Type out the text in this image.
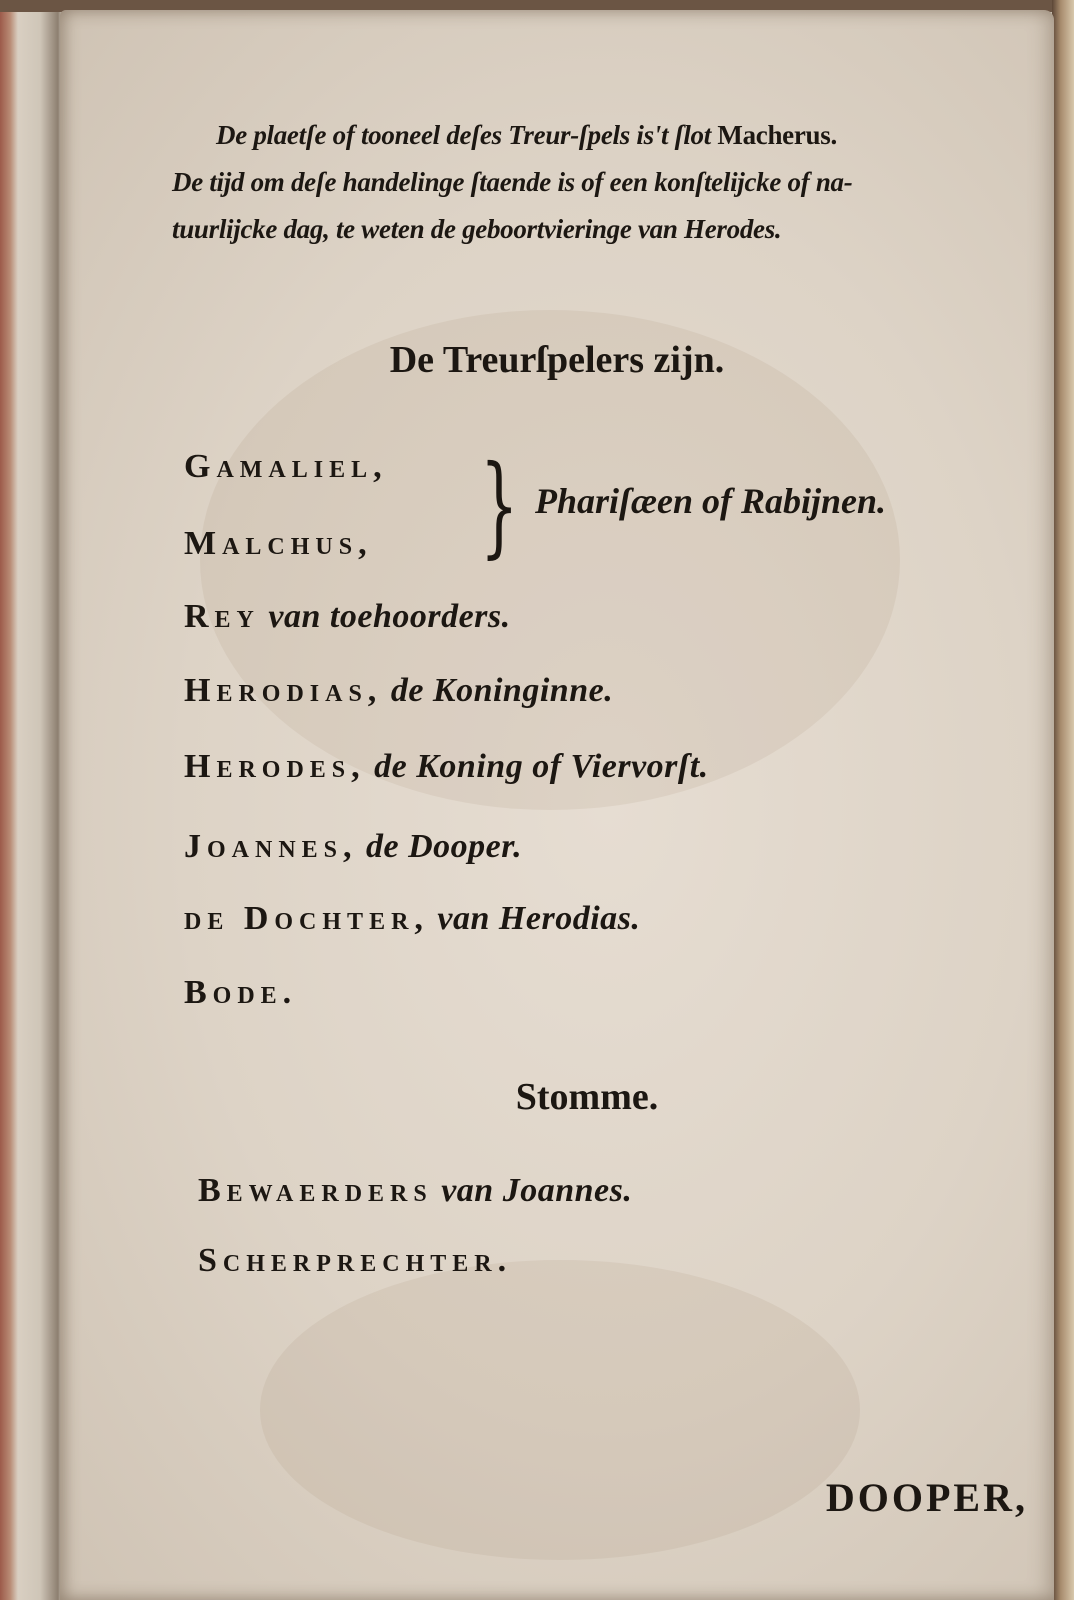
De plaetſe of tooneel deſes Treur-ſpels is't ſlot Macherus.
De tijd om deſe handelinge ſtaende is of een konſtelijcke of na-
tuurlijcke dag, te weten de geboortvieringe van Herodes.
De Treurſpelers zijn.
Gamaliel,
Malchus, } Phariſæen of Rabijnen.
Rey van toehoorders.
Herodias, de Koninginne.
Herodes, de Koning of Viervorſt.
Joannes, de Dooper.
de Dochter, van Herodias.
Bode.
Stomme.
Bewaerders van Joannes.
Scherprechter.
DOOPER,
